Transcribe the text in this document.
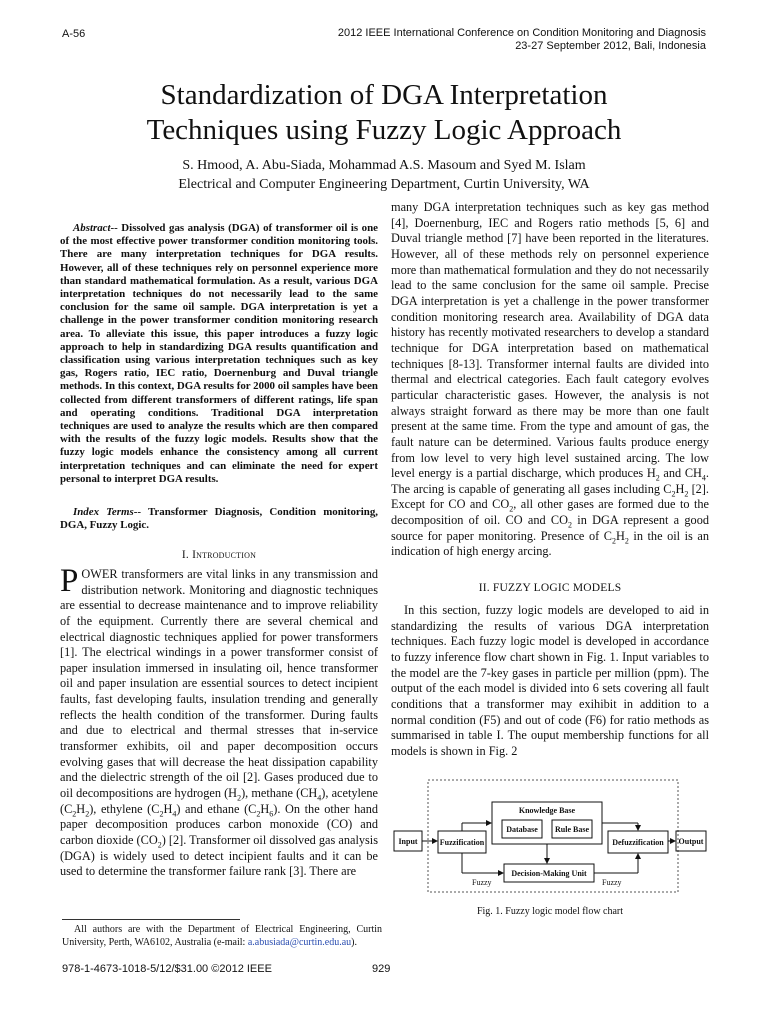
A-56	2012 IEEE International Conference on Condition Monitoring and Diagnosis
23-27 September 2012, Bali, Indonesia
Standardization of DGA Interpretation
Techniques using Fuzzy Logic Approach
S. Hmood, A. Abu-Siada, Mohammad A.S. Masoum and Syed M. Islam
Electrical and Computer Engineering Department, Curtin University, WA

Abstract-- Dissolved gas analysis (DGA) of transformer oil is one of the most effective power transformer condition monitoring tools. There are many interpretation techniques for DGA results. However, all of these techniques rely on personnel experience more than standard mathematical formulation. As a result, various DGA interpretation techniques do not necessarily lead to the same conclusion for the same oil sample. DGA interpretation is yet a challenge in the power transformer condition monitoring research area. To alleviate this issue, this paper introduces a fuzzy logic approach to help in standardizing DGA results quantification and classification using various interpretation techniques such as key gas, Rogers ratio, IEC ratio, Doernenburg and Duval triangle methods. In this context, DGA results for 2000 oil samples have been collected from different transformers of different ratings, life span and operating conditions. Traditional DGA interpretation techniques are used to analyze the results which are then compared with the results of the fuzzy logic models. Results show that the fuzzy logic models enhance the consistency among all current interpretation techniques and can eliminate the need for expert personal to interpret DGA results.

Index Terms-- Transformer Diagnosis, Condition monitoring, DGA, Fuzzy Logic.

I. Introduction

POWER transformers are vital links in any transmission and distribution network. Monitoring and diagnostic techniques are essential to decrease maintenance and to improve reliability of the equipment. Currently there are several chemical and electrical diagnostic techniques applied for power transformers [1]. The electrical windings in a power transformer consist of paper insulation immersed in insulating oil, hence transformer oil and paper insulation are essential sources to detect incipient faults, fast developing faults, insulation trending and generally reflects the health condition of the transformer. During faults and due to electrical and thermal stresses that in-service transformer exhibits, oil and paper decomposition occurs evolving gases that will decrease the heat dissipation capability and the dielectric strength of the oil [2]. Gases produced due to oil decompositions are hydrogen $(H_2)$, methane $(CH_4)$, acetylene $(C_2H_2)$, ethylene $(C_2H_4)$ and ethane $(C_2H_6)$. On the other hand paper decomposition produces carbon monoxide (CO) and carbon dioxide $(CO_2)$ [2]. Transformer oil dissolved gas analysis (DGA) is widely used to detect incipient faults and it can be used to determine the transformer failure rank [3]. There are

many DGA interpretation techniques such as key gas method [4], Doernenburg, IEC and Rogers ratio methods [5, 6] and Duval triangle method [7] have been reported in the literatures. However, all of these methods rely on personnel experience more than mathematical formulation and they do not necessarily lead to the same conclusion for the same oil sample. Precise DGA interpretation is yet a challenge in the power transformer condition monitoring research area. Availability of DGA data history has recently motivated researchers to develop a standard technique for DGA interpretation based on mathematical techniques [8-13]. Transformer internal faults are divided into thermal and electrical categories. Each fault category evolves particular characteristic gases. However, the analysis is not always straight forward as there may be more than one fault present at the same time. From the type and amount of gas, the fault nature can be determined. Various faults produce energy from low level to very high level sustained arcing. The low level energy is a partial discharge, which produces $H_2$ and $CH_4$. The arcing is capable of generating all gases including $C_2H_2$ [2]. Except for CO and $CO_2$, all other gases are formed due to the decomposition of oil. CO and $CO_2$ in DGA represent a good source for paper monitoring. Presence of $C_2H_2$ in the oil is an indication of high energy arcing.

II. FUZZY LOGIC MODELS

In this section, fuzzy logic models are developed to aid in standardizing the results of various DGA interpretation techniques. Each fuzzy logic model is developed in accordance to fuzzy inference flow chart shown in Fig. 1. Input variables to the model are the 7-key gases in particle per million (ppm). The output of the each model is divided into 6 sets covering all fault conditions that a transformer may exihibit in addition to a normal condition (F5) and out of code (F6) for ratio methods as summarised in table I. The ouput membership functions for all models is shown in Fig. 2

Knowledge Base
Database Rule Base
Fuzzification	Defuzzification
Decision-Making Unit
Input	Output
Fuzzy	Fuzzy
Fig. 1. Fuzzy logic model flow chart
All authors are with the Department of Electrical Engineering, Curtin University, Perth, WA6102, Australia (e-mail: a.abusiada@curtin.edu.au).
978-1-4673-1018-5/12/$31.00 ©2012 IEEE	929
